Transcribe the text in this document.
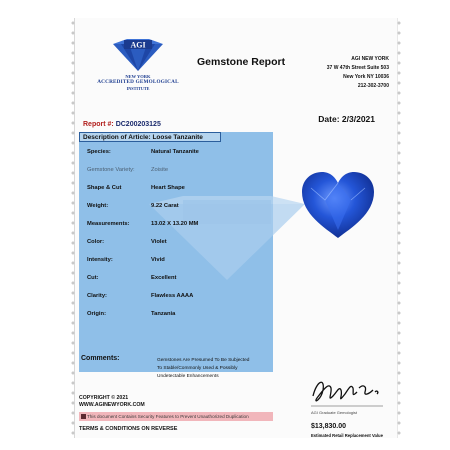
AGI
NEW YORK
ACCREDITED GEMOLOGICAL
INSTITUTE
Gemstone Report	AGI NEW YORK
37 W 47th Street Suite 503
New York NY 10036
212-302-3700
Date: 2/3/2021
Report #: DC200203125
Description of Article: Loose Tanzanite
Species:	Natural Tanzanite
Gemstone Variety:	Zoisite
Shape & Cut	Heart Shape
Weight:	9.22 Carat
Measurements:	13.02 X 13.20 MM
Color:	Violet
Intensity:	Vivid
Cut:	Excellent
Clarity:	Flawless AAAA
Origin:	Tanzania
Comments:	Gemstones Are Presumed To Be Subjected
To Stable/Commonly Used & Possibly
Undetectable Enhancements
AGI Graduate Gemologist
$13,830.00
Estimated Retail Replacement Value
COPYRIGHT © 2021
WWW.AGINEWYORK.COM
This document Contains Security Features to Prevent Unauthorized Duplication
TERMS & CONDITIONS ON REVERSE
